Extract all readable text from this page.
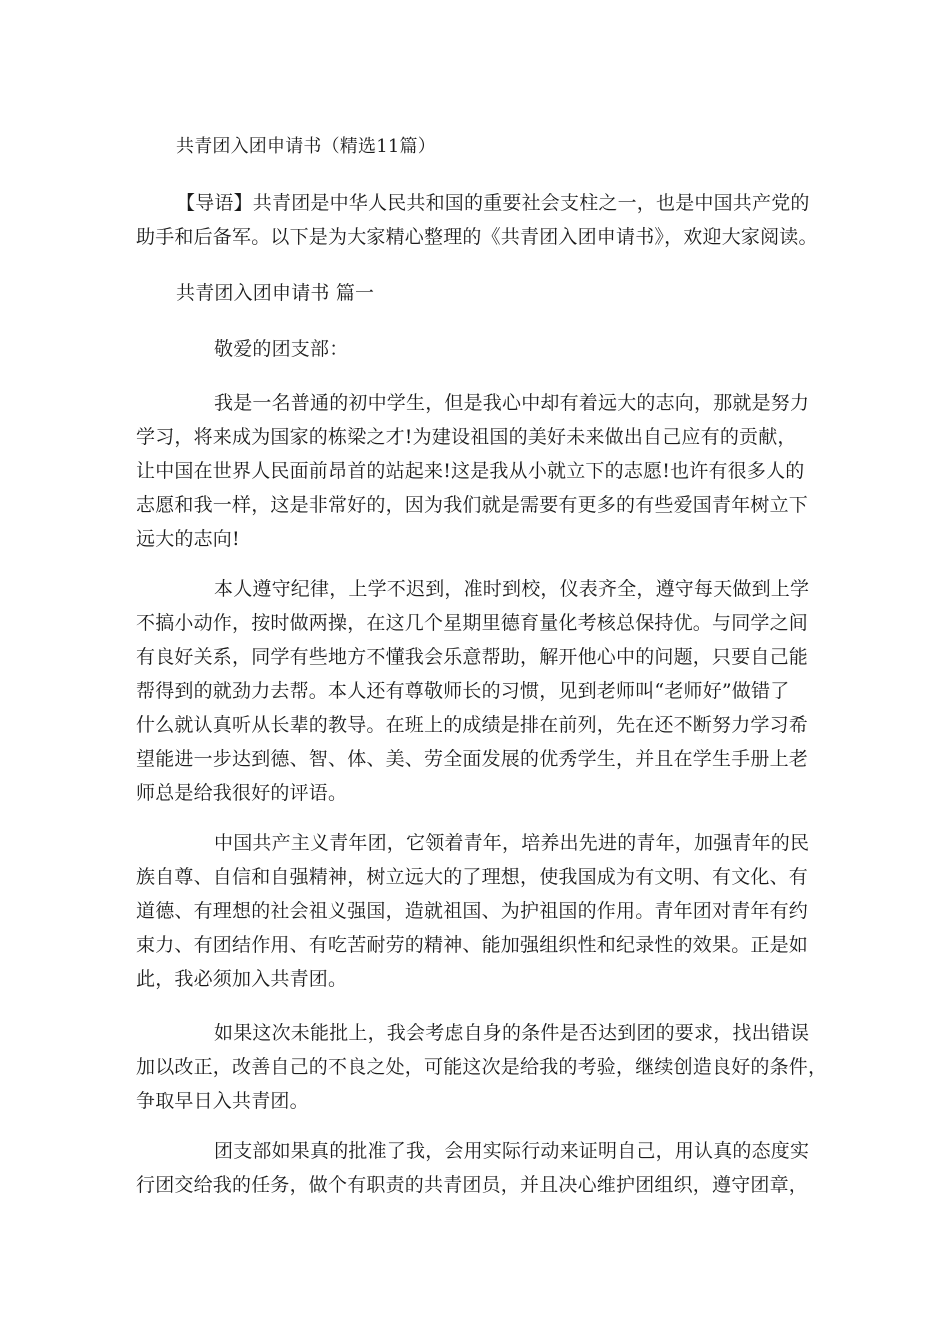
共青团入团申请书（精选11篇）
【导语】共青团是中华人民共和国的重要社会支柱之一，也是中国共产党的
助手和后备军。以下是为大家精心整理的《共青团入团申请书》，欢迎大家阅读。
共青团入团申请书 篇一
敬爱的团支部：
我是一名普通的初中学生，但是我心中却有着远大的志向，那就是努力
学习，将来成为国家的栋梁之才!为建设祖国的美好未来做出自己应有的贡献，
让中国在世界人民面前昂首的站起来!这是我从小就立下的志愿!也许有很多人的
志愿和我一样，这是非常好的，因为我们就是需要有更多的有些爱国青年树立下
远大的志向!
本人遵守纪律，上学不迟到，准时到校，仪表齐全，遵守每天做到上学
不搞小动作，按时做两操，在这几个星期里德育量化考核总保持优。与同学之间
有良好关系，同学有些地方不懂我会乐意帮助，解开他心中的问题，只要自己能
帮得到的就劲力去帮。本人还有尊敬师长的习惯，见到老师叫“老师好”做错了
什么就认真听从长辈的教导。在班上的成绩是排在前列，先在还不断努力学习希
望能进一步达到德、智、体、美、劳全面发展的优秀学生，并且在学生手册上老
师总是给我很好的评语。
中国共产主义青年团，它领着青年，培养出先进的青年，加强青年的民
族自尊、自信和自强精神，树立远大的了理想，使我国成为有文明、有文化、有
道德、有理想的社会祖义强国，造就祖国、为护祖国的作用。青年团对青年有约
束力、有团结作用、有吃苦耐劳的精神、能加强组织性和纪录性的效果。正是如
此，我必须加入共青团。
如果这次未能批上，我会考虑自身的条件是否达到团的要求，找出错误
加以改正，改善自己的不良之处，可能这次是给我的考验，继续创造良好的条件，
争取早日入共青团。
团支部如果真的批准了我，会用实际行动来证明自己，用认真的态度实
行团交给我的任务，做个有职责的共青团员，并且决心维护团组织，遵守团章，
